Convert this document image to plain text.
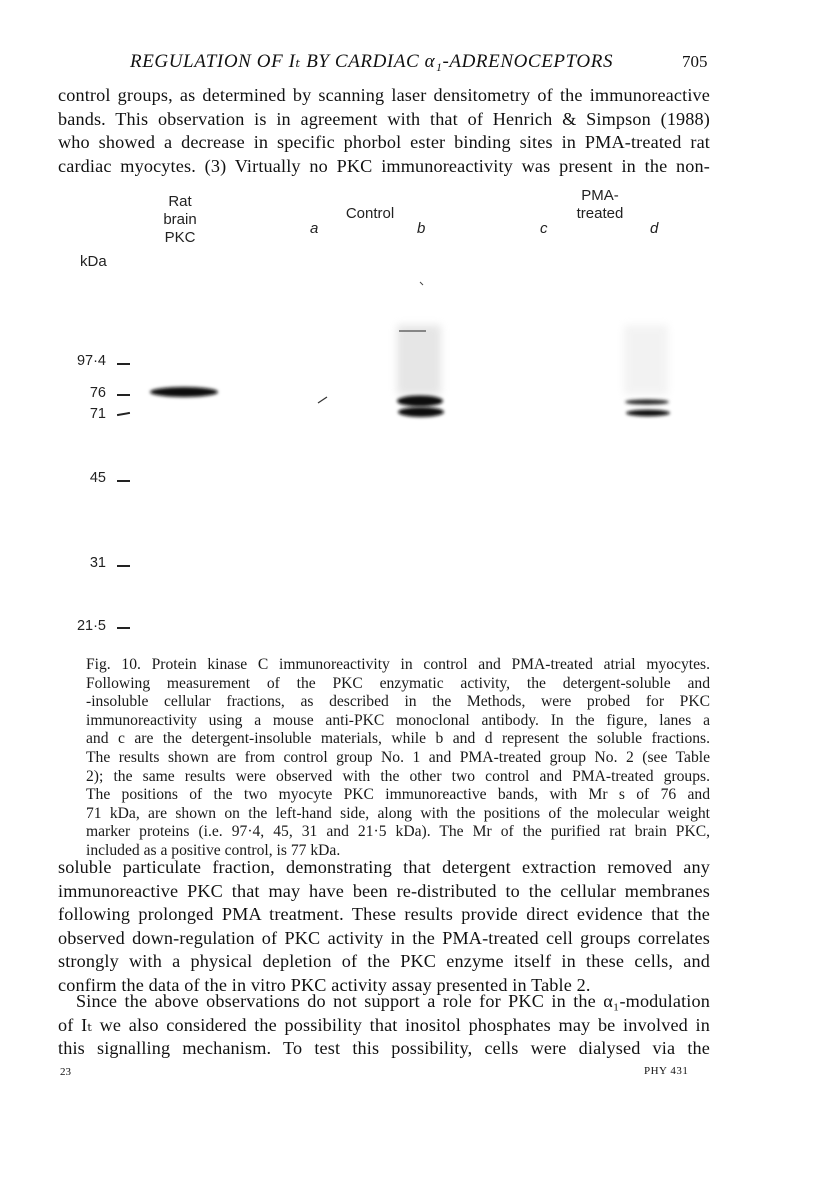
REGULATION OF Iₜ BY CARDIAC α₁-ADRENOCEPTORS	705
control groups, as determined by scanning laser densitometry of the immunoreactive
bands. This observation is in agreement with that of Henrich & Simpson (1988)
who showed a decrease in specific phorbol ester binding sites in PMA-treated rat
cardiac myocytes. (3) Virtually no PKC immunoreactivity was present in the non-
Rat
brain
PKC
Control
PMA-
treated
a	b	c	d
kDa
97·4
76
71
45
31
21·5
Fig. 10. Protein kinase C immunoreactivity in control and PMA-treated atrial myocytes.
Following measurement of the PKC enzymatic activity, the detergent-soluble and
-insoluble cellular fractions, as described in the Methods, were probed for PKC
immunoreactivity using a mouse anti-PKC monoclonal antibody. In the figure, lanes a
and c are the detergent-insoluble materials, while b and d represent the soluble fractions.
The results shown are from control group No. 1 and PMA-treated group No. 2 (see Table
2); the same results were observed with the other two control and PMA-treated groups.
The positions of the two myocyte PKC immunoreactive bands, with Mr s of 76 and
71 kDa, are shown on the left-hand side, along with the positions of the molecular weight
marker proteins (i.e. 97·4, 45, 31 and 21·5 kDa). The Mr of the purified rat brain PKC,
included as a positive control, is 77 kDa.
soluble particulate fraction, demonstrating that detergent extraction removed any
immunoreactive PKC that may have been re-distributed to the cellular membranes
following prolonged PMA treatment. These results provide direct evidence that the
observed down-regulation of PKC activity in the PMA-treated cell groups correlates
strongly with a physical depletion of the PKC enzyme itself in these cells, and
confirm the data of the in vitro PKC activity assay presented in Table 2.
Since the above observations do not support a role for PKC in the α₁-modulation
of Iₜ we also considered the possibility that inositol phosphates may be involved in
this signalling mechanism. To test this possibility, cells were dialysed via the
23	PHY 431
